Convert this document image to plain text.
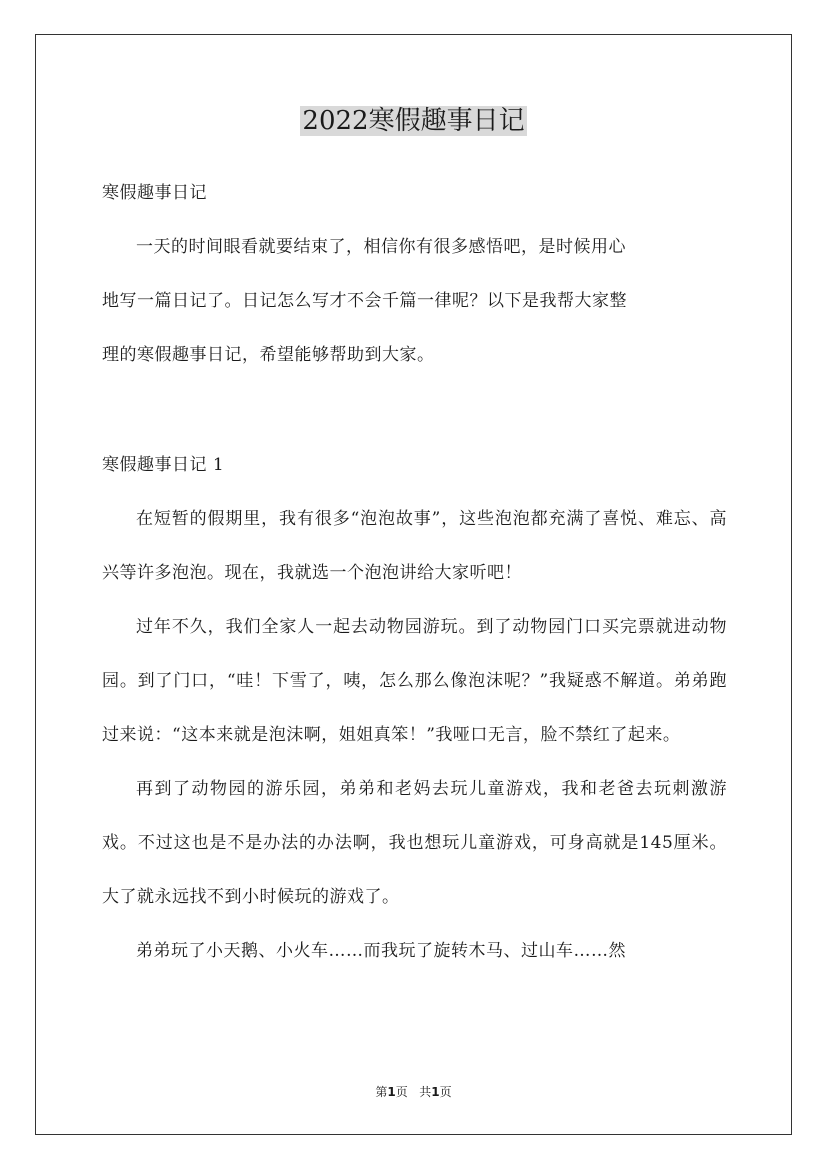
2022寒假趣事日记
寒假趣事日记
一天的时间眼看就要结束了，相信你有很多感悟吧，是时候用心
地写一篇日记了。日记怎么写才不会千篇一律呢？以下是我帮大家整
理的寒假趣事日记，希望能够帮助到大家。
寒假趣事日记 1

在短暂的假期里，我有很多“泡泡故事”，这些泡泡都充满了喜悦、难忘、高兴等许多泡泡。现在，我就选一个泡泡讲给大家听吧！

过年不久，我们全家人一起去动物园游玩。到了动物园门口买完票就进动物园。到了门口，“哇！下雪了，咦，怎么那么像泡沫呢？”我疑惑不解道。弟弟跑过来说：“这本来就是泡沫啊，姐姐真笨！”我哑口无言，脸不禁红了起来。

再到了动物园的游乐园，弟弟和老妈去玩儿童游戏，我和老爸去玩刺激游戏。不过这也是不是办法的办法啊，我也想玩儿童游戏，可身高就是145厘米。大了就永远找不到小时候玩的游戏了。

弟弟玩了小天鹅、小火车……而我玩了旋转木马、过山车……然

第1页 共1页
